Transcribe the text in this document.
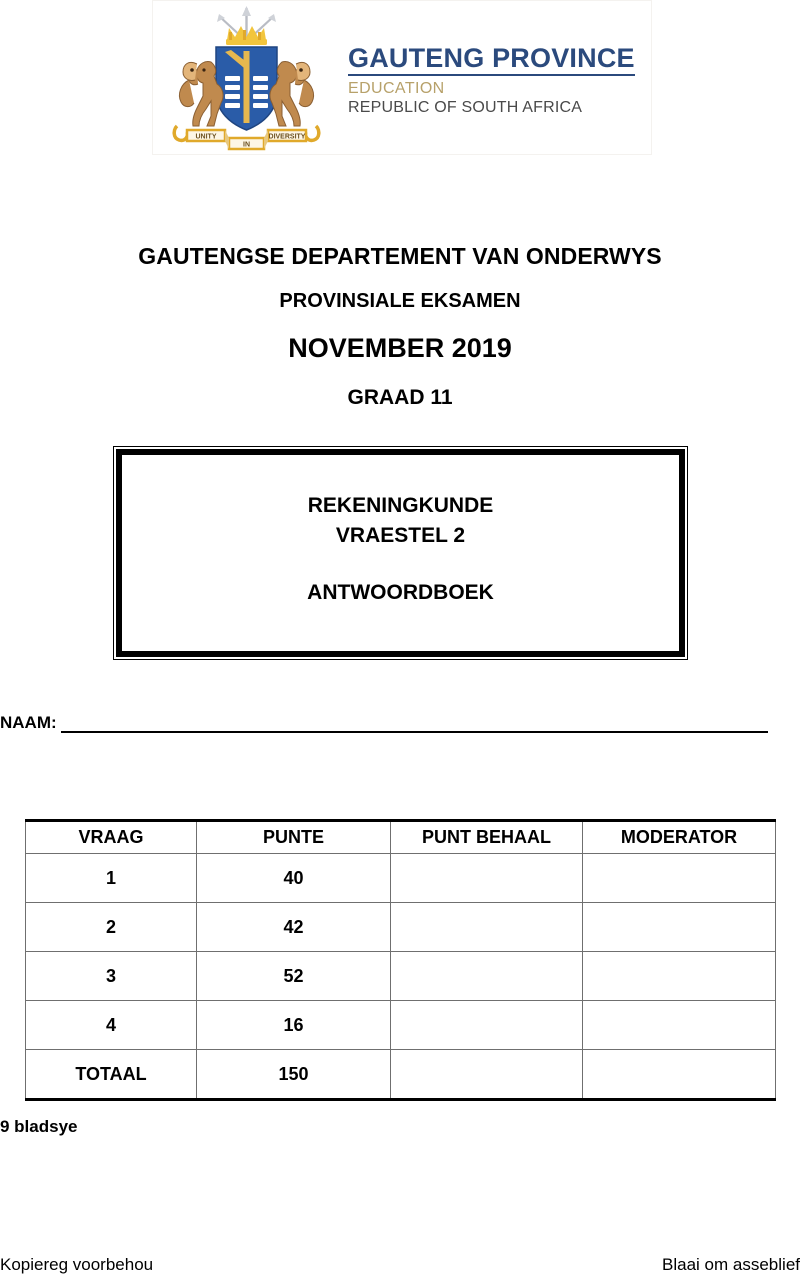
UNITY	DIVERSITY
IN
GAUTENG PROVINCE
EDUCATION
REPUBLIC OF SOUTH AFRICA
GAUTENGSE DEPARTEMENT VAN ONDERWYS
PROVINSIALE EKSAMEN
NOVEMBER 2019
GRAAD 11
REKENINGKUNDE
VRAESTEL 2
ANTWOORDBOEK
NAAM:
VRAAG	PUNTE	PUNT BEHAAL	MODERATOR
1	40		
2	42		
3	52		
4	16		
TOTAAL	150		
9 bladsye
Kopiereg voorbehou	Blaai om asseblief
